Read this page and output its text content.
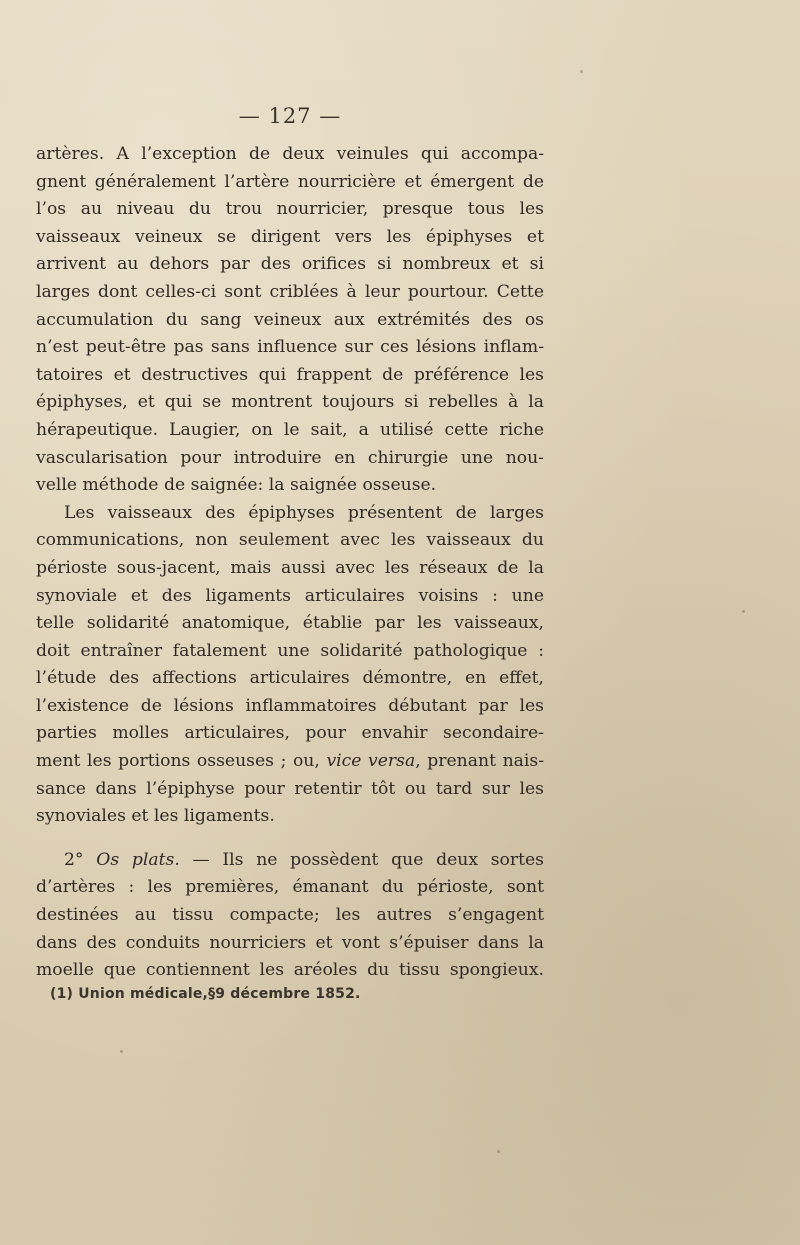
— 127 —
artères. A l’exception de deux veinules qui accompa-
gnent généralement l’artère nourricière et émergent de
l’os au niveau du trou nourricier, presque tous les
vaisseaux veineux se dirigent vers les épiphyses et
arrivent au dehors par des orifices si nombreux et si
larges dont celles-ci sont criblées à leur pourtour. Cette
accumulation du sang veineux aux extrémités des os
n’est peut-être pas sans influence sur ces lésions inflam-
tatoires et destructives qui frappent de préférence les
épiphyses, et qui se montrent toujours si rebelles à la
hérapeutique. Laugier, on le sait, a utilisé cette riche
vascularisation pour introduire en chirurgie une nou-
velle méthode de saignée: la saignée osseuse.
Les vaisseaux des épiphyses présentent de larges
communications, non seulement avec les vaisseaux du
périoste sous-jacent, mais aussi avec les réseaux de la
synoviale et des ligaments articulaires voisins : une
telle solidarité anatomique, établie par les vaisseaux,
doit entraîner fatalement une solidarité pathologique :
l’étude des affections articulaires démontre, en effet,
l’existence de lésions inflammatoires débutant par les
parties molles articulaires, pour envahir secondaire-
ment les portions osseuses ; ou, vice versa, prenant nais-
sance dans l’épiphyse pour retentir tôt ou tard sur les
synoviales et les ligaments.
2° Os plats. — Ils ne possèdent que deux sortes
d’artères : les premières, émanant du périoste, sont
destinées au tissu compacte; les autres s’engagent
dans des conduits nourriciers et vont s’épuiser dans la
moelle que contiennent les aréoles du tissu spongieux.
(1) Union médicale,§9 décembre 1852.
